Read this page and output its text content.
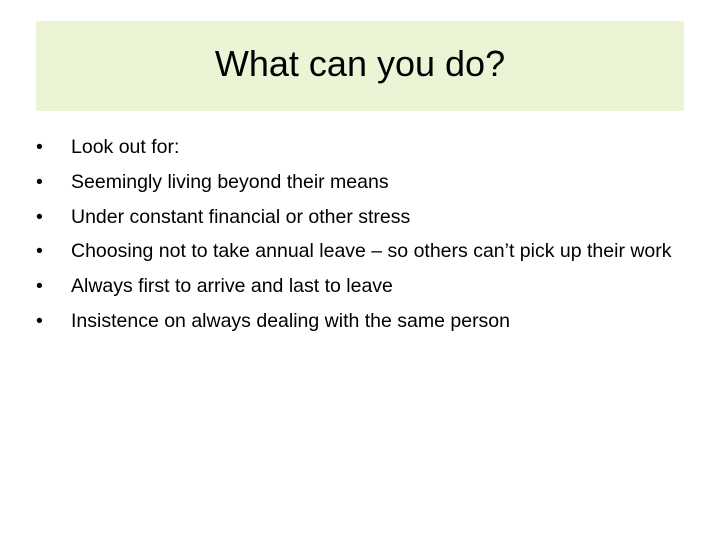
What can you do?
•	Look out for:
•	Seemingly living beyond their means
•	Under constant financial or other stress
•	Choosing not to take annual leave – so others can’t pick up their work
•	Always first to arrive and last to leave
•	Insistence on always dealing with the same person
